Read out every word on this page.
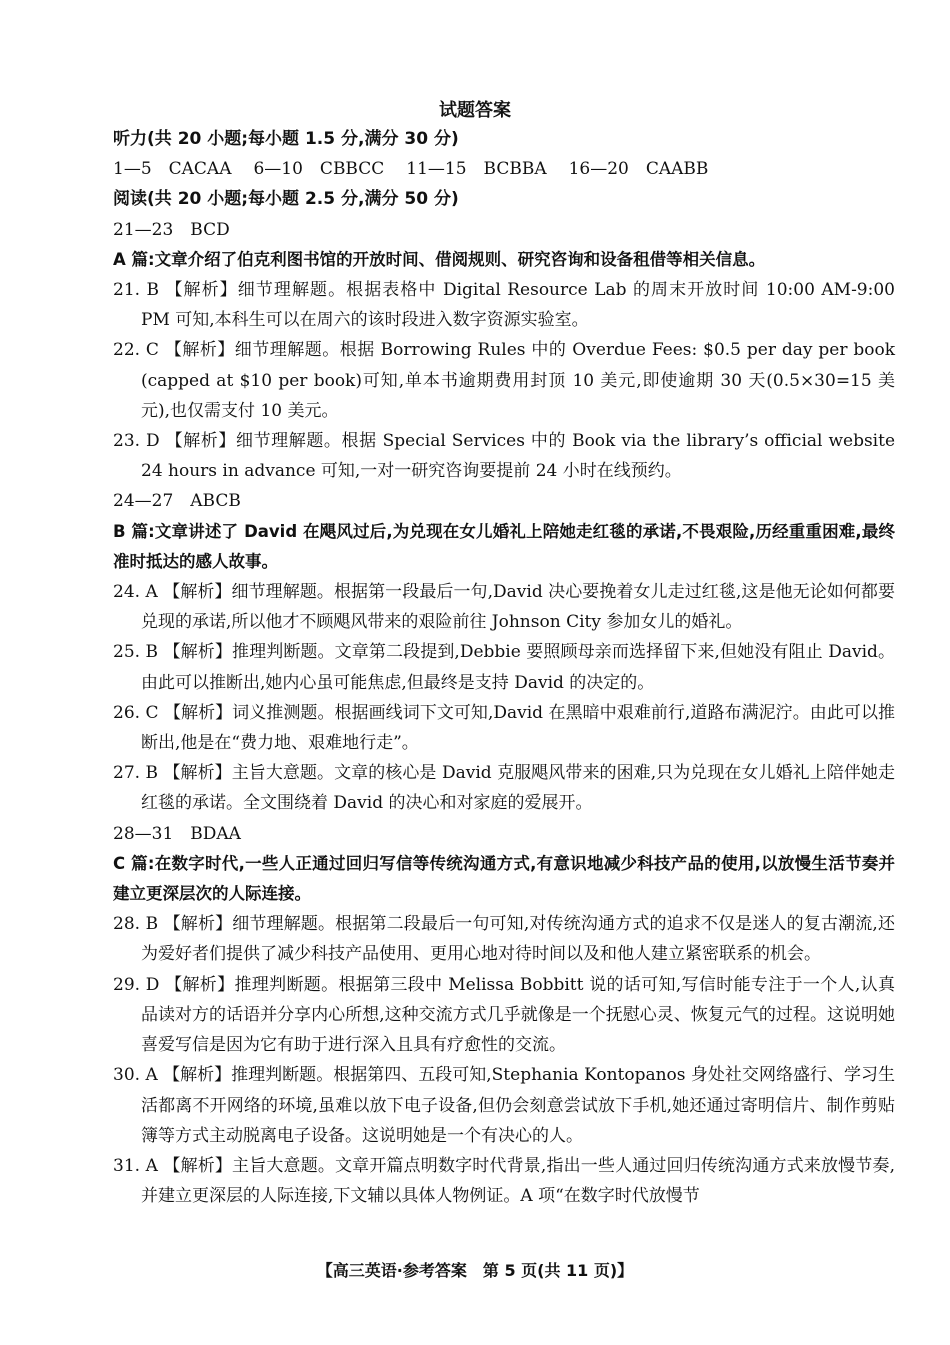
试题答案
听力(共 20 小题;每小题 1.5 分,满分 30 分)
1—5　CACAA 6—10　CBBCC 11—15　BCBBA 16—20　CAABB
阅读(共 20 小题;每小题 2.5 分,满分 50 分)
21—23　BCD
A 篇:文章介绍了伯克利图书馆的开放时间、借阅规则、研究咨询和设备租借等相关信息。
21. B 【解析】细节理解题。根据表格中 Digital Resource Lab 的周末开放时间 10:00 AM-9:00 PM 可知,本科生可以在周六的该时段进入数字资源实验室。
22. C 【解析】细节理解题。根据 Borrowing Rules 中的 Overdue Fees: $0.5 per day per book (capped at $10 per book)可知,单本书逾期费用封顶 10 美元,即使逾期 30 天(0.5×30=15 美元),也仅需支付 10 美元。
23. D 【解析】细节理解题。根据 Special Services 中的 Book via the library’s official website 24 hours in advance 可知,一对一研究咨询要提前 24 小时在线预约。
24—27　ABCB
B 篇:文章讲述了 David 在飓风过后,为兑现在女儿婚礼上陪她走红毯的承诺,不畏艰险,历经重重困难,最终准时抵达的感人故事。
24. A 【解析】细节理解题。根据第一段最后一句,David 决心要挽着女儿走过红毯,这是他无论如何都要兑现的承诺,所以他才不顾飓风带来的艰险前往 Johnson City 参加女儿的婚礼。
25. B 【解析】推理判断题。文章第二段提到,Debbie 要照顾母亲而选择留下来,但她没有阻止 David。由此可以推断出,她内心虽可能焦虑,但最终是支持 David 的决定的。
26. C 【解析】词义推测题。根据画线词下文可知,David 在黑暗中艰难前行,道路布满泥泞。由此可以推断出,他是在“费力地、艰难地行走”。
27. B 【解析】主旨大意题。文章的核心是 David 克服飓风带来的困难,只为兑现在女儿婚礼上陪伴她走红毯的承诺。全文围绕着 David 的决心和对家庭的爱展开。
28—31　BDAA
C 篇:在数字时代,一些人正通过回归写信等传统沟通方式,有意识地减少科技产品的使用,以放慢生活节奏并建立更深层次的人际连接。
28. B 【解析】细节理解题。根据第二段最后一句可知,对传统沟通方式的追求不仅是迷人的复古潮流,还为爱好者们提供了减少科技产品使用、更用心地对待时间以及和他人建立紧密联系的机会。
29. D 【解析】推理判断题。根据第三段中 Melissa Bobbitt 说的话可知,写信时能专注于一个人,认真品读对方的话语并分享内心所想,这种交流方式几乎就像是一个抚慰心灵、恢复元气的过程。这说明她喜爱写信是因为它有助于进行深入且具有疗愈性的交流。
30. A 【解析】推理判断题。根据第四、五段可知,Stephania Kontopanos 身处社交网络盛行、学习生活都离不开网络的环境,虽难以放下电子设备,但仍会刻意尝试放下手机,她还通过寄明信片、制作剪贴簿等方式主动脱离电子设备。这说明她是一个有决心的人。
31. A 【解析】主旨大意题。文章开篇点明数字时代背景,指出一些人通过回归传统沟通方式来放慢节奏,并建立更深层的人际连接,下文辅以具体人物例证。A 项“在数字时代放慢节
【高三英语·参考答案　第 5 页(共 11 页)】
